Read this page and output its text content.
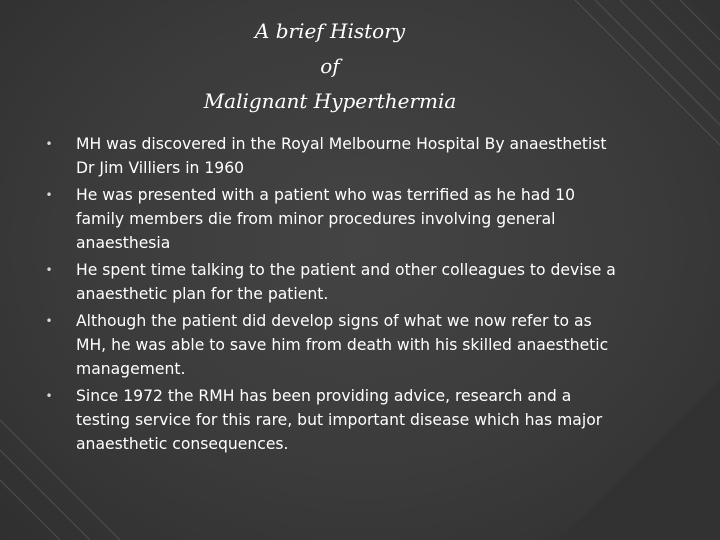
A brief History
of
Malignant Hyperthermia
• MH was discovered in the Royal Melbourne Hospital By anaesthetist Dr Jim Villiers in 1960
• He was presented with a patient who was terrified as he had 10 family members die from minor procedures involving general anaesthesia
• He spent time talking to the patient and other colleagues to devise a anaesthetic plan for the patient.
• Although the patient did develop signs of what we now refer to as MH, he was able to save him from death with his skilled anaesthetic management.
• Since 1972 the RMH has been providing advice, research and a testing service for this rare, but important disease which has major anaesthetic consequences.
